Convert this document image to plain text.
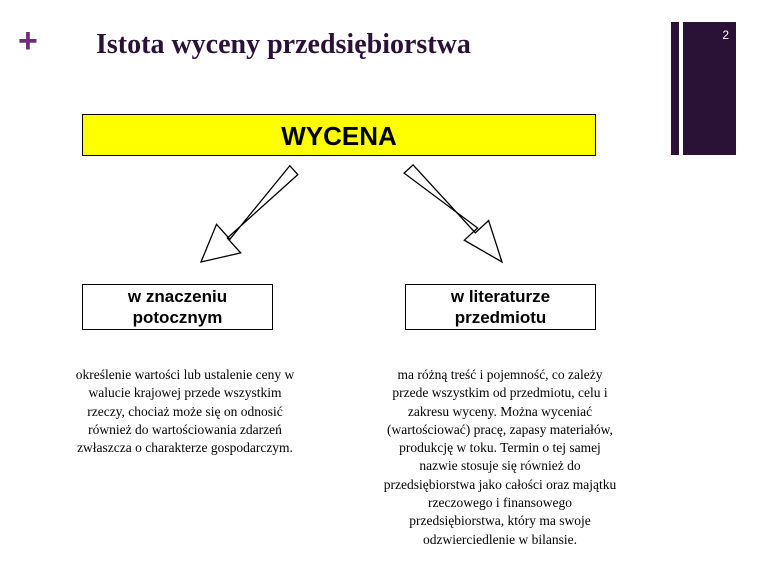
+ Istota wyceny przedsiębiorstwa	2
WYCENA
w znaczeniu
potocznym
w literaturze
przedmiotu
określenie wartości lub ustalenie ceny w
walucie krajowej przede wszystkim
rzeczy, chociaż może się on odnosić
również do wartościowania zdarzeń
zwłaszcza o charakterze gospodarczym.
ma różną treść i pojemność, co zależy
przede wszystkim od przedmiotu, celu i
zakresu wyceny. Można wyceniać
(wartościować) pracę, zapasy materiałów,
produkcję w toku. Termin o tej samej
nazwie stosuje się również do
przedsiębiorstwa jako całości oraz majątku
rzeczowego i finansowego
przedsiębiorstwa, który ma swoje
odzwierciedlenie w bilansie.
